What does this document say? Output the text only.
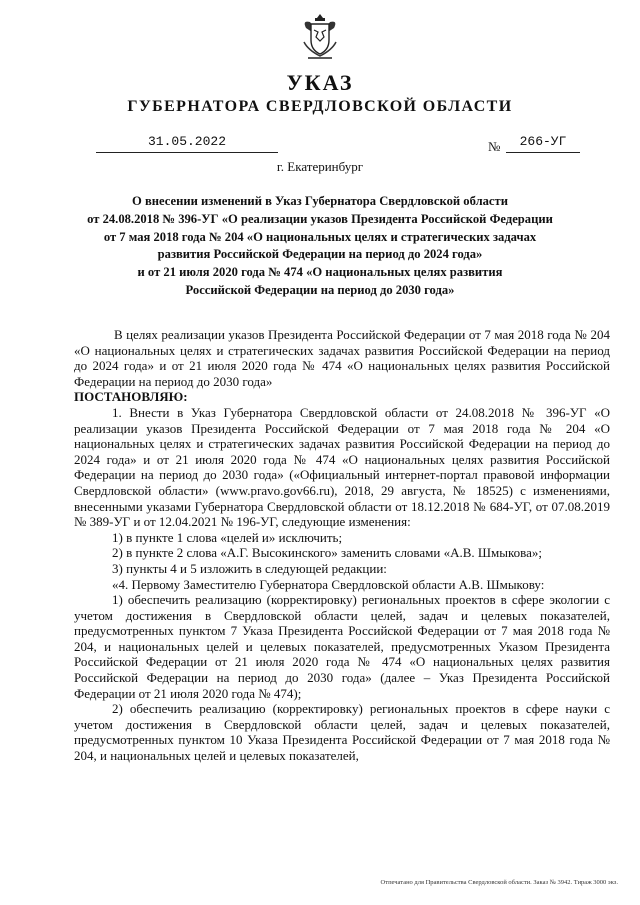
УКАЗ
ГУБЕРНАТОРА СВЕРДЛОВСКОЙ ОБЛАСТИ
31.05.2022	№	266-УГ
г. Екатеринбург
О внесении изменений в Указ Губернатора Свердловской области
от 24.08.2018 № 396-УГ «О реализации указов Президента Российской Федерации
от 7 мая 2018 года № 204 «О национальных целях и стратегических задачах
развития Российской Федерации на период до 2024 года»
и от 21 июля 2020 года № 474 «О национальных целях развития
Российской Федерации на период до 2030 года»

В целях реализации указов Президента Российской Федерации от 7 мая 2018 года № 204 «О национальных целях и стратегических задачах развития Российской Федерации на период до 2024 года» и от 21 июля 2020 года № 474 «О национальных целях развития Российской Федерации на период до 2030 года»

ПОСТАНОВЛЯЮ:

1. Внести в Указ Губернатора Свердловской области от 24.08.2018 № 396-УГ «О реализации указов Президента Российской Федерации от 7 мая 2018 года № 204 «О национальных целях и стратегических задачах развития Российской Федерации на период до 2024 года» и от 21 июля 2020 года № 474 «О национальных целях развития Российской Федерации на период до 2030 года» («Официальный интернет-портал правовой информации Свердловской области» (www.pravo.gov66.ru), 2018, 29 августа, № 18525) с изменениями, внесенными указами Губернатора Свердловской области от 18.12.2018 № 684-УГ, от 07.08.2019 № 389-УГ и от 12.04.2021 № 196-УГ, следующие изменения:

1) в пункте 1 слова «целей и» исключить;

2) в пункте 2 слова «А.Г. Высокинского» заменить словами «А.В. Шмыкова»;

3) пункты 4 и 5 изложить в следующей редакции:

«4. Первому Заместителю Губернатора Свердловской области А.В. Шмыкову:

1) обеспечить реализацию (корректировку) региональных проектов в сфере экологии с учетом достижения в Свердловской области целей, задач и целевых показателей, предусмотренных пунктом 7 Указа Президента Российской Федерации от 7 мая 2018 года № 204, и национальных целей и целевых показателей, предусмотренных Указом Президента Российской Федерации от 21 июля 2020 года № 474 «О национальных целях развития Российской Федерации на период до 2030 года» (далее – Указ Президента Российской Федерации от 21 июля 2020 года № 474);

2) обеспечить реализацию (корректировку) региональных проектов в сфере науки с учетом достижения в Свердловской области целей, задач и целевых показателей, предусмотренных пунктом 10 Указа Президента Российской Федерации от 7 мая 2018 года № 204, и национальных целей и целевых показателей,

Отпечатано для Правительства Свердловской области. Заказ № 3942. Тираж 3000 экз.
